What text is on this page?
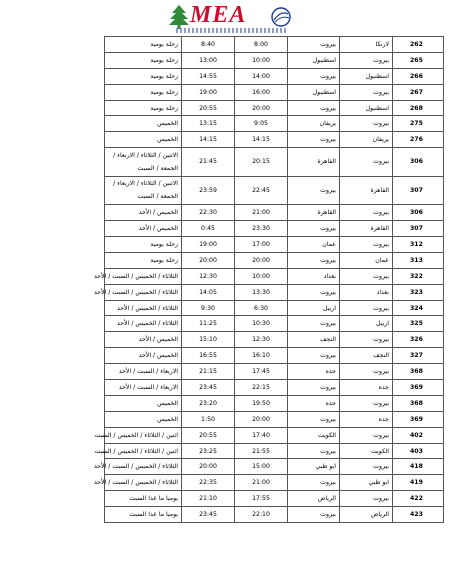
MEA
رحلة يومية	8:40	8:00	بيروت	لارنكا	262
رحلة يومية	13:00	10:00	اسطنبول	بيروت	265
رحلة يومية	14:55	14:00	بيروت	اسطنبول	266
رحلة يومية	19:00	16:00	اسطنبول	بيروت	267
رحلة يومية	20:55	20:00	بيروت	اسطنبول	268
الخميس	13:15	9:05	يريفان	بيروت	275
الخميس	14:15	14:15	بيروت	يريفان	276
الاثنين / الثلاثاء / الاربعاء / الجمعة / السبت	21:45	20:15	القاهرة	بيروت	306
الاثنين / الثلاثاء / الاربعاء / الجمعة / السبت	23:59	22:45	بيروت	القاهرة	307
الخميس / الأحد	22:30	21:00	القاهرة	بيروت	306
الخميس / الأحد	0:45	23:30	بيروت	القاهرة	307
رحلة يومية	19:00	17:00	عمان	بيروت	312
رحلة يومية	20:00	20:00	بيروت	عمان	313
الثلاثاء / الخميس / السبت / الأحد	12:30	10:00	بغداد	بيروت	322
الثلاثاء / الخميس / السبت / الأحد	14:05	13:30	بيروت	بغداد	323
الثلاثاء / الخميس / الأحد	9:30	6:30	اربيل	بيروت	324
الثلاثاء / الخميس / الأحد	11:25	10:30	بيروت	اربيل	325
الخميس / الأحد	15:10	12:30	النجف	بيروت	326
الخميس / الأحد	16:55	16:10	بيروت	النجف	327
الاربعاء / السبت / الأحد	21:15	17:45	جده	بيروت	368
الاربعاء / السبت / الأحد	23:45	22:15	بيروت	جده	369
الخميس	23:20	19:50	جده	بيروت	368
الخميس	1:50	20:00	بيروت	جده	369
اثنين / الثلاثاء / الخميس / السبت	20:55	17:40	الكويت	بيروت	402
اثنين / الثلاثاء / الخميس / السبت	23:25	21:55	بيروت	الكويت	403
الثلاثاء / الخميس / السبت / الأحد	20:00	15:00	ابو ظبي	بيروت	418
الثلاثاء / الخميس / السبت / الأحد	22:35	21:00	بيروت	ابو ظبي	419
يوميا ما عدا السبت	21:10	17:55	الرياض	بيروت	422
يوميا ما عدا السبت	23:45	22:10	بيروت	الرياض	423
